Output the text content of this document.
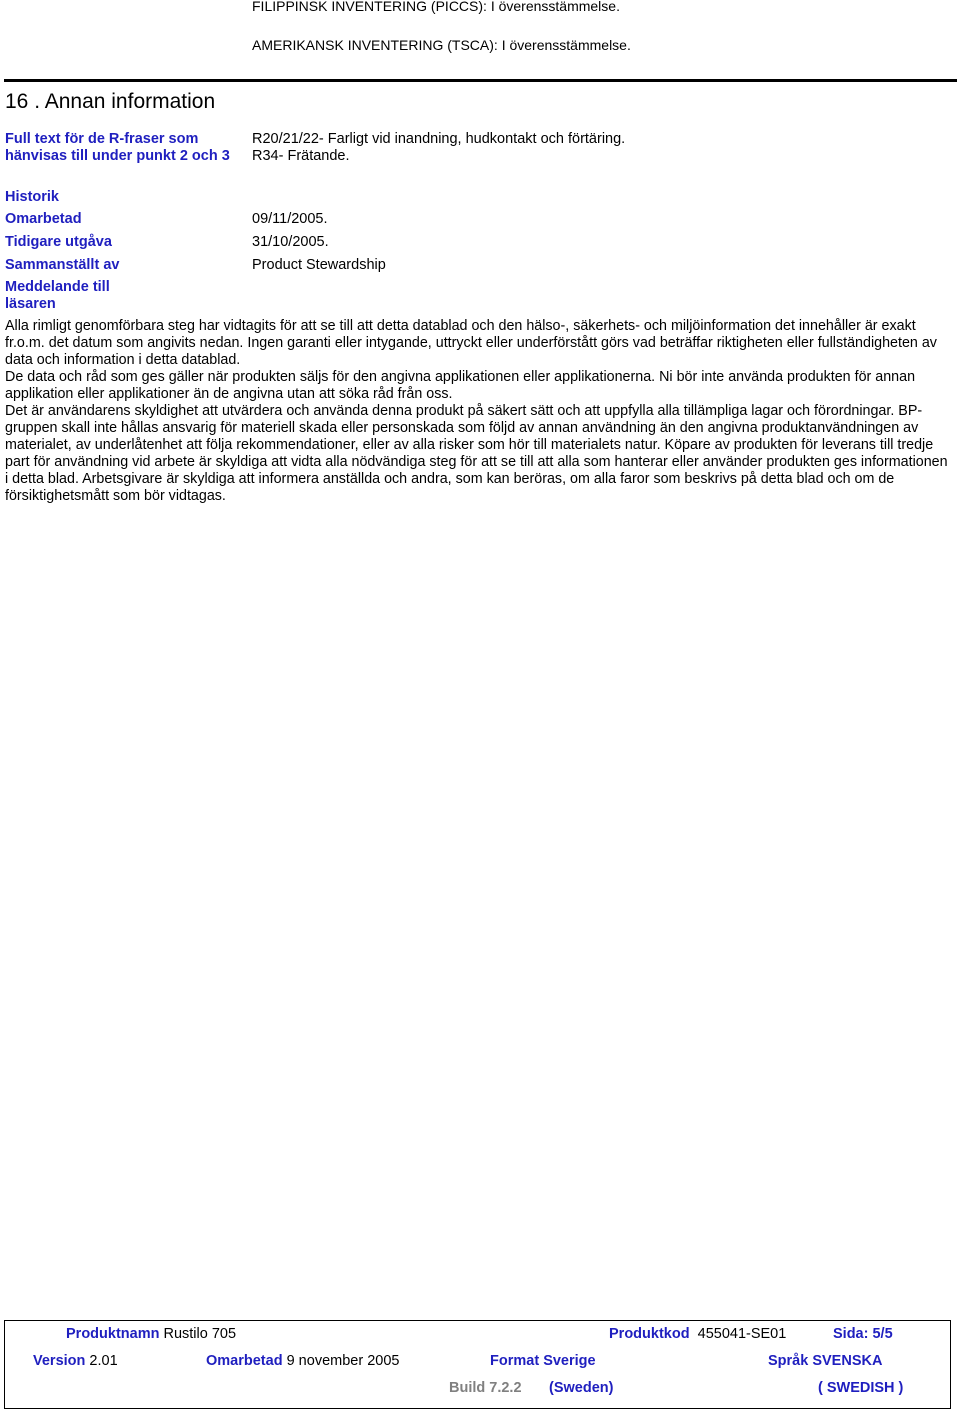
FILIPPINSK INVENTERING (PICCS): I överensstämmelse.
AMERIKANSK INVENTERING (TSCA): I överensstämmelse.
16 . Annan information
Full text för de R-fraser som hänvisas till under punkt 2 och 3
R20/21/22- Farligt vid inandning, hudkontakt och förtäring.
R34- Frätande.
Historik
Omarbetad	09/11/2005.
Tidigare utgåva	31/10/2005.
Sammanställt av	Product Stewardship
Meddelande till läsaren

Alla rimligt genomförbara steg har vidtagits för att se till att detta datablad och den hälso-, säkerhets- och miljöinformation det innehåller är exakt fr.o.m. det datum som angivits nedan. Ingen garanti eller intygande, uttryckt eller underförstått görs vad beträffar riktigheten eller fullständigheten av data och information i detta datablad.

De data och råd som ges gäller när produkten säljs för den angivna applikationen eller applikationerna. Ni bör inte använda produkten för annan applikation eller applikationer än de angivna utan att söka råd från oss.

Det är användarens skyldighet att utvärdera och använda denna produkt på säkert sätt och att uppfylla alla tillämpliga lagar och förordningar. BP-gruppen skall inte hållas ansvarig för materiell skada eller personskada som följd av annan användning än den angivna produktanvändningen av materialet, av underlåtenhet att följa rekommendationer, eller av alla risker som hör till materialets natur. Köpare av produkten för leverans till tredje part för användning vid arbete är skyldiga att vidta alla nödvändiga steg för att se till att alla som hanterar eller använder produkten ges informationen i detta blad. Arbetsgivare är skyldiga att informera anställda och andra, som kan beröras, om alla faror som beskrivs på detta blad och om de försiktighetsmått som bör vidtagas.

Produktnamn Rustilo 705	Produktkod 455041-SE01	Sida: 5/5
Version 2.01	Omarbetad 9 november 2005	Format Sverige	Språk SVENSKA
Build 7.2.2 (Sweden)	( SWEDISH )
